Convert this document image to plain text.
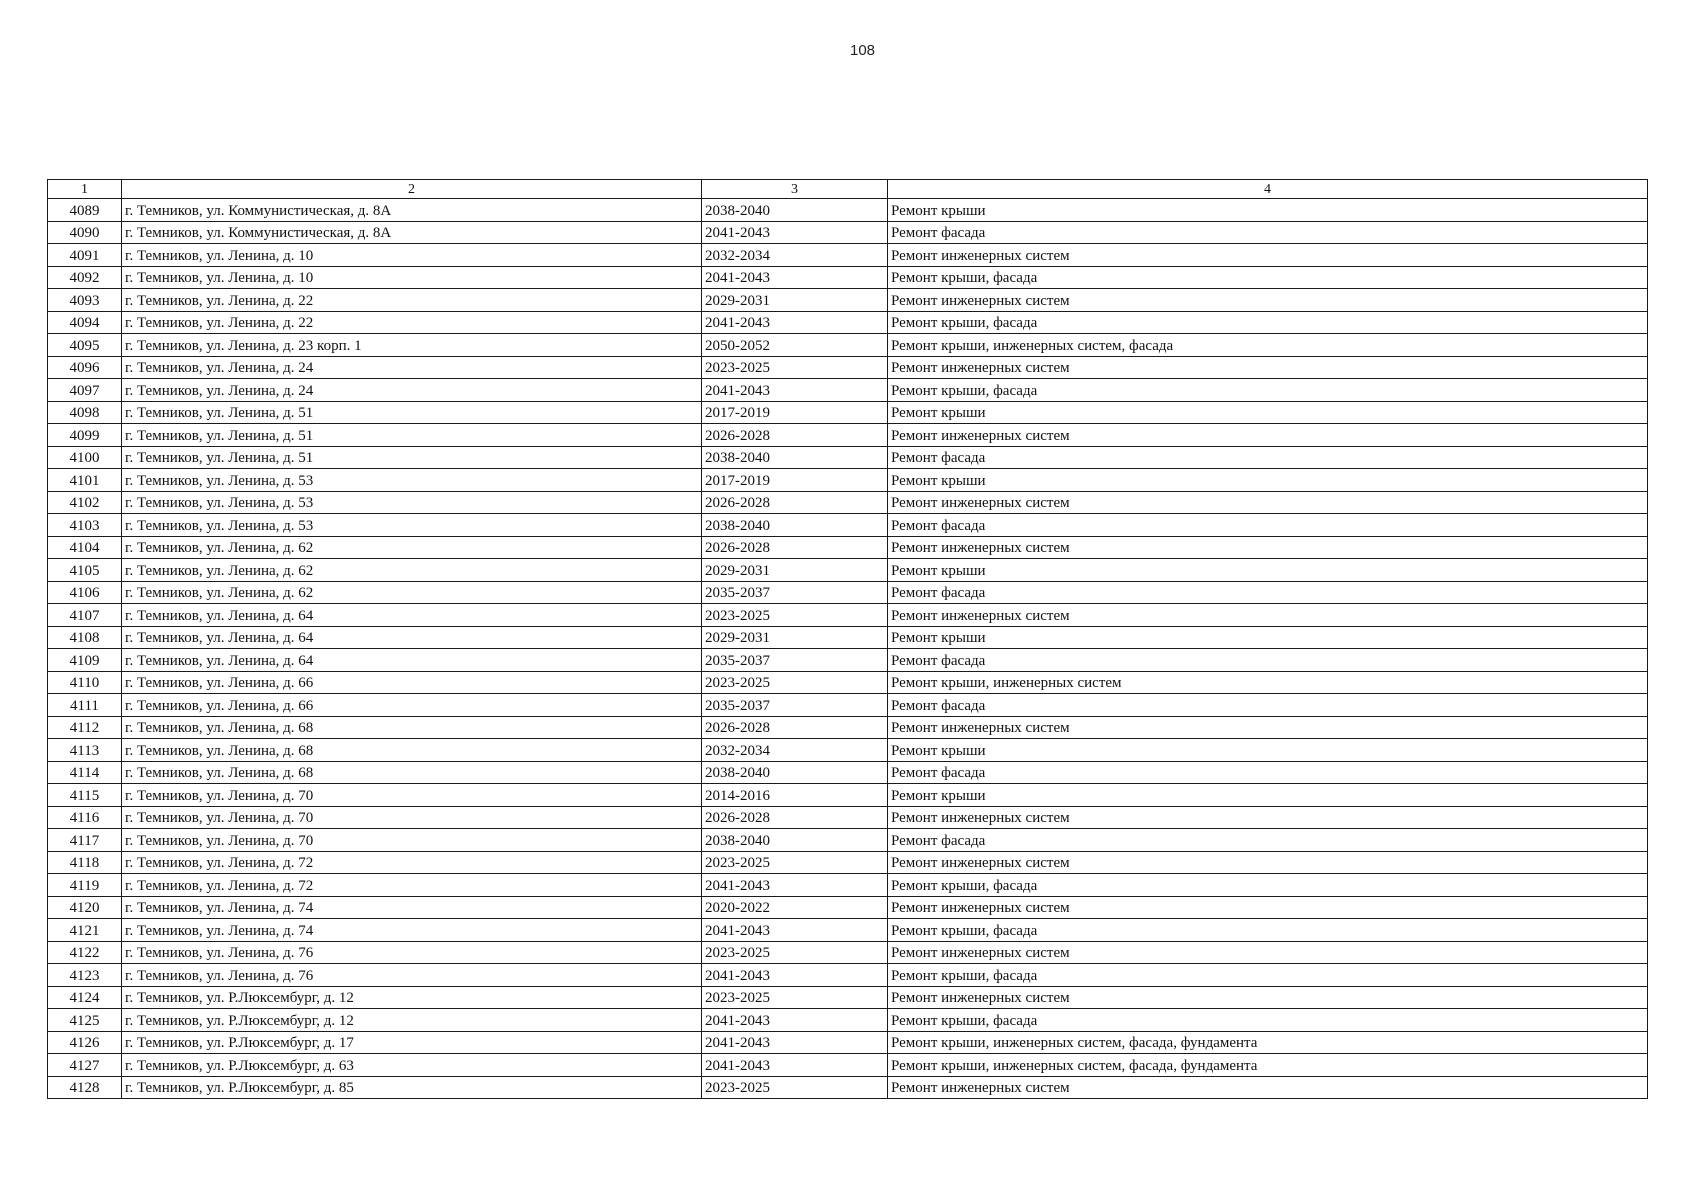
108
1	2	3	4
4089	г. Темников, ул. Коммунистическая, д. 8А	2038-2040	Ремонт крыши
4090	г. Темников, ул. Коммунистическая, д. 8А	2041-2043	Ремонт фасада
4091	г. Темников, ул. Ленина, д. 10	2032-2034	Ремонт инженерных систем
4092	г. Темников, ул. Ленина, д. 10	2041-2043	Ремонт крыши, фасада
4093	г. Темников, ул. Ленина, д. 22	2029-2031	Ремонт инженерных систем
4094	г. Темников, ул. Ленина, д. 22	2041-2043	Ремонт крыши, фасада
4095	г. Темников, ул. Ленина, д. 23 корп. 1	2050-2052	Ремонт крыши, инженерных систем, фасада
4096	г. Темников, ул. Ленина, д. 24	2023-2025	Ремонт инженерных систем
4097	г. Темников, ул. Ленина, д. 24	2041-2043	Ремонт крыши, фасада
4098	г. Темников, ул. Ленина, д. 51	2017-2019	Ремонт крыши
4099	г. Темников, ул. Ленина, д. 51	2026-2028	Ремонт инженерных систем
4100	г. Темников, ул. Ленина, д. 51	2038-2040	Ремонт фасада
4101	г. Темников, ул. Ленина, д. 53	2017-2019	Ремонт крыши
4102	г. Темников, ул. Ленина, д. 53	2026-2028	Ремонт инженерных систем
4103	г. Темников, ул. Ленина, д. 53	2038-2040	Ремонт фасада
4104	г. Темников, ул. Ленина, д. 62	2026-2028	Ремонт инженерных систем
4105	г. Темников, ул. Ленина, д. 62	2029-2031	Ремонт крыши
4106	г. Темников, ул. Ленина, д. 62	2035-2037	Ремонт фасада
4107	г. Темников, ул. Ленина, д. 64	2023-2025	Ремонт инженерных систем
4108	г. Темников, ул. Ленина, д. 64	2029-2031	Ремонт крыши
4109	г. Темников, ул. Ленина, д. 64	2035-2037	Ремонт фасада
4110	г. Темников, ул. Ленина, д. 66	2023-2025	Ремонт крыши, инженерных систем
4111	г. Темников, ул. Ленина, д. 66	2035-2037	Ремонт фасада
4112	г. Темников, ул. Ленина, д. 68	2026-2028	Ремонт инженерных систем
4113	г. Темников, ул. Ленина, д. 68	2032-2034	Ремонт крыши
4114	г. Темников, ул. Ленина, д. 68	2038-2040	Ремонт фасада
4115	г. Темников, ул. Ленина, д. 70	2014-2016	Ремонт крыши
4116	г. Темников, ул. Ленина, д. 70	2026-2028	Ремонт инженерных систем
4117	г. Темников, ул. Ленина, д. 70	2038-2040	Ремонт фасада
4118	г. Темников, ул. Ленина, д. 72	2023-2025	Ремонт инженерных систем
4119	г. Темников, ул. Ленина, д. 72	2041-2043	Ремонт крыши, фасада
4120	г. Темников, ул. Ленина, д. 74	2020-2022	Ремонт инженерных систем
4121	г. Темников, ул. Ленина, д. 74	2041-2043	Ремонт крыши, фасада
4122	г. Темников, ул. Ленина, д. 76	2023-2025	Ремонт инженерных систем
4123	г. Темников, ул. Ленина, д. 76	2041-2043	Ремонт крыши, фасада
4124	г. Темников, ул. Р.Люксембург, д. 12	2023-2025	Ремонт инженерных систем
4125	г. Темников, ул. Р.Люксембург, д. 12	2041-2043	Ремонт крыши, фасада
4126	г. Темников, ул. Р.Люксембург, д. 17	2041-2043	Ремонт крыши, инженерных систем, фасада, фундамента
4127	г. Темников, ул. Р.Люксембург, д. 63	2041-2043	Ремонт крыши, инженерных систем, фасада, фундамента
4128	г. Темников, ул. Р.Люксембург, д. 85	2023-2025	Ремонт инженерных систем
